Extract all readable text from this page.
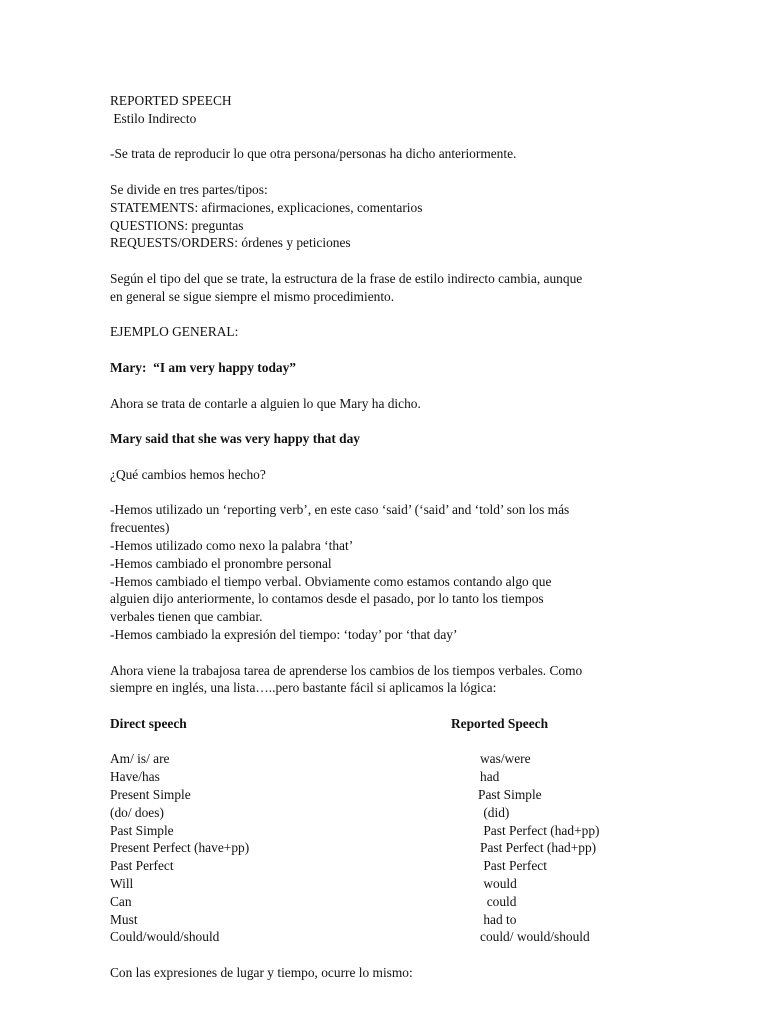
REPORTED SPEECH
Estilo Indirecto
-Se trata de reproducir lo que otra persona/personas ha dicho anteriormente.
Se divide en tres partes/tipos:
STATEMENTS: afirmaciones, explicaciones, comentarios
QUESTIONS: preguntas
REQUESTS/ORDERS: órdenes y peticiones
Según el tipo del que se trate, la estructura de la frase de estilo indirecto cambia, aunque
en general se sigue siempre el mismo procedimiento.
EJEMPLO GENERAL:
Mary:  “I am very happy today”
Ahora se trata de contarle a alguien lo que Mary ha dicho.
Mary said that she was very happy that day
¿Qué cambios hemos hecho?
-Hemos utilizado un ‘reporting verb’, en este caso ‘said’ (‘said’ and ‘told’ son los más
frecuentes)
-Hemos utilizado como nexo la palabra ‘that’
-Hemos cambiado el pronombre personal
-Hemos cambiado el tiempo verbal. Obviamente como estamos contando algo que
alguien dijo anteriormente, lo contamos desde el pasado, por lo tanto los tiempos
verbales tienen que cambiar.
-Hemos cambiado la expresión del tiempo: ‘today’ por ‘that day’
Ahora viene la trabajosa tarea de aprenderse los cambios de los tiempos verbales. Como
siempre en inglés, una lista…..pero bastante fácil si aplicamos la lógica:
Direct speech	Reported Speech
Am/ is/ are	was/were
Have/has	had
Present Simple	Past Simple
(do/ does)	(did)
Past Simple	Past Perfect (had+pp)
Present Perfect (have+pp)	Past Perfect (had+pp)
Past Perfect	Past Perfect
Will	would
Can	could
Must	had to
Could/would/should	could/ would/should
Con las expresiones de lugar y tiempo, ocurre lo mismo:
